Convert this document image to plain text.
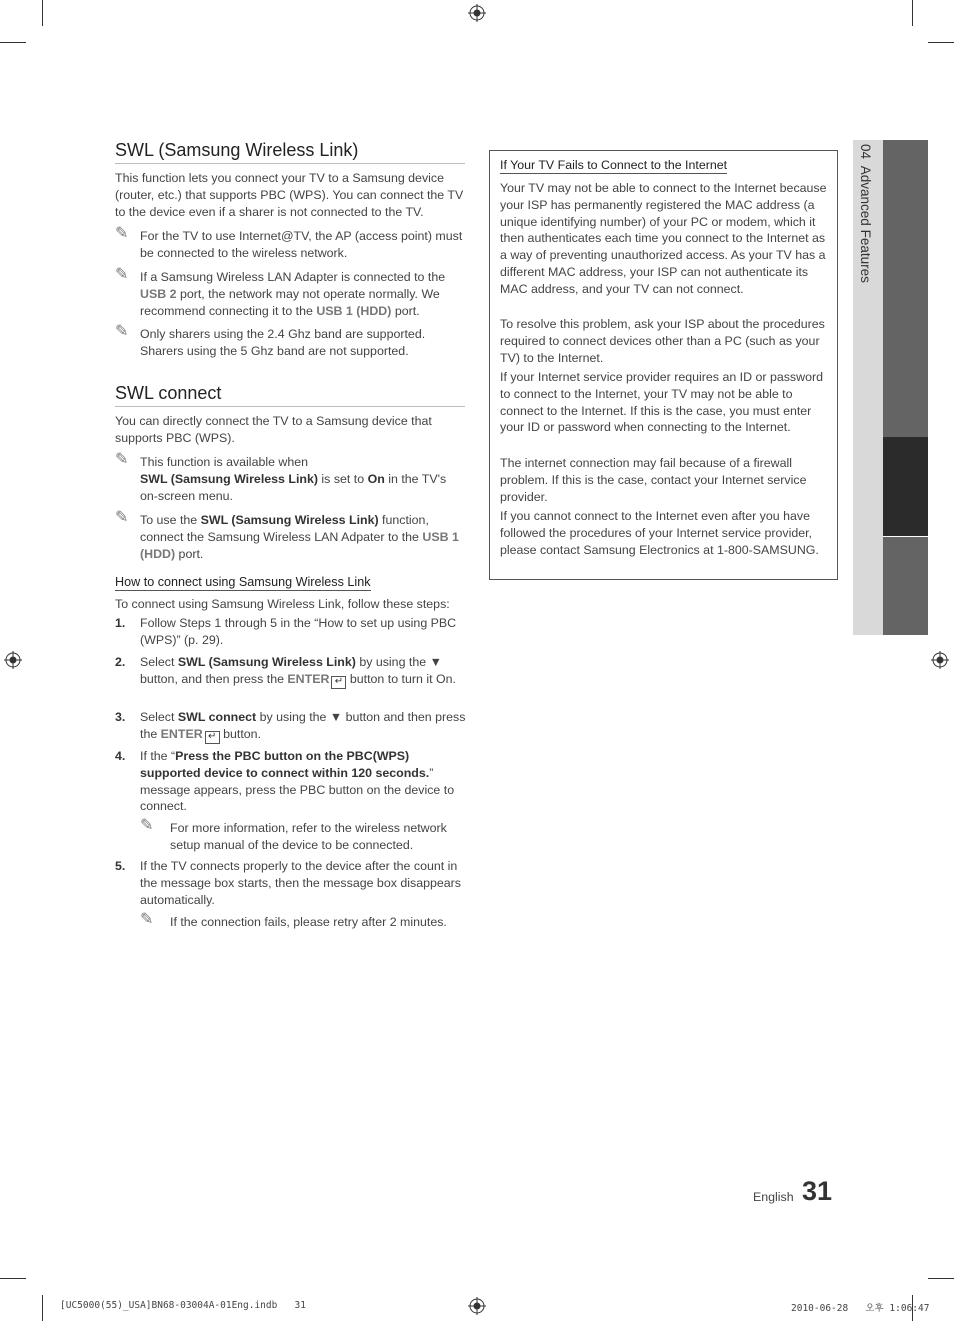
SWL (Samsung Wireless Link)
This function lets you connect your TV to a Samsung device (router, etc.) that supports PBC (WPS). You can connect the TV to the device even if a sharer is not connected to the TV.
✎ For the TV to use Internet@TV, the AP (access point) must be connected to the wireless network.
✎ If a Samsung Wireless LAN Adapter is connected to the USB 2 port, the network may not operate normally. We recommend connecting it to the USB 1 (HDD) port.
✎ Only sharers using the 2.4 Ghz band are supported. Sharers using the 5 Ghz band are not supported.
SWL connect
You can directly connect the TV to a Samsung device that supports PBC (WPS).
✎ This function is available when
SWL (Samsung Wireless Link) is set to On in the TV's on-screen menu.
✎ To use the SWL (Samsung Wireless Link) function, connect the Samsung Wireless LAN Adpater to the USB 1 (HDD) port.
How to connect using Samsung Wireless Link
To connect using Samsung Wireless Link, follow these steps:
1. Follow Steps 1 through 5 in the “How to set up using PBC (WPS)” (p. 29).
2. Select SWL (Samsung Wireless Link) by using the ▼ button, and then press the ENTER ↵ button to turn it On.
3. Select SWL connect by using the ▼ button and then press the ENTER ↵ button.
4. If the “Press the PBC button on the PBC(WPS) supported device to connect within 120 seconds.” message appears, press the PBC button on the device to connect.
✎ For more information, refer to the wireless network setup manual of the device to be connected.
5. If the TV connects properly to the device after the count in the message box starts, then the message box disappears automatically.
✎ If the connection fails, please retry after 2 minutes.
If Your TV Fails to Connect to the Internet
Your TV may not be able to connect to the Internet because your ISP has permanently registered the MAC address (a unique identifying number) of your PC or modem, which it then authenticates each time you connect to the Internet as a way of preventing unauthorized access. As your TV has a different MAC address, your ISP can not authenticate its MAC address, and your TV can not connect.
To resolve this problem, ask your ISP about the procedures required to connect devices other than a PC (such as your TV) to the Internet.
If your Internet service provider requires an ID or password to connect to the Internet, your TV may not be able to connect to the Internet. If this is the case, you must enter your ID or password when connecting to the Internet.
The internet connection may fail because of a firewall problem. If this is the case, contact your Internet service provider.
If you cannot connect to the Internet even after you have followed the procedures of your Internet service provider, please contact Samsung Electronics at 1-800-SAMSUNG.
04  Advanced Features
English 31
[UC5000(55)_USA]BN68-03004A-01Eng.indb   31	2010-06-28   오후 1:06:47
